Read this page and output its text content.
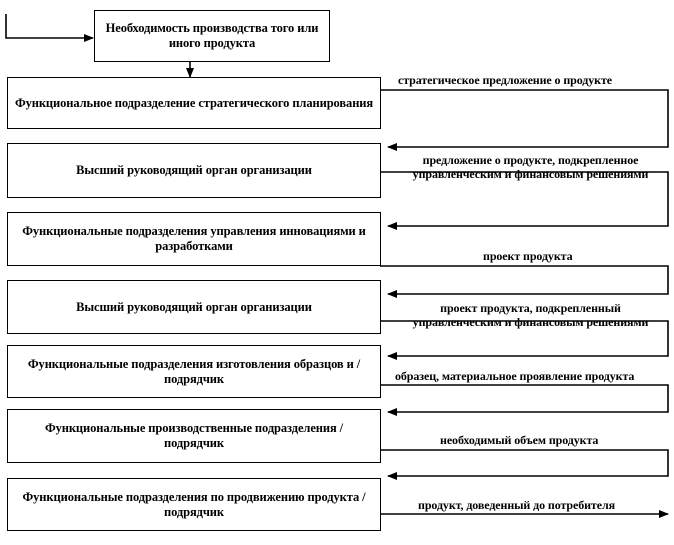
Необходимость производства того или иного продукта
Функциональное подразделение стратегического планирования
Высший руководящий орган организации
Функциональные подразделения управления инновациями и разработками
Высший руководящий орган организации
Функциональные подразделения изготовления образцов и / подрядчик
Функциональные производственные подразделения / подрядчик
Функциональные подразделения по продвижению продукта / подрядчик
стратегическое предложение о продукте
предложение о продукте, подкрепленное
управленческим и финансовым решениями
проект продукта
проект продукта, подкрепленный
управленческим и финансовым решениями
образец, материальное проявление продукта
необходимый объем продукта
продукт, доведенный до потребителя
